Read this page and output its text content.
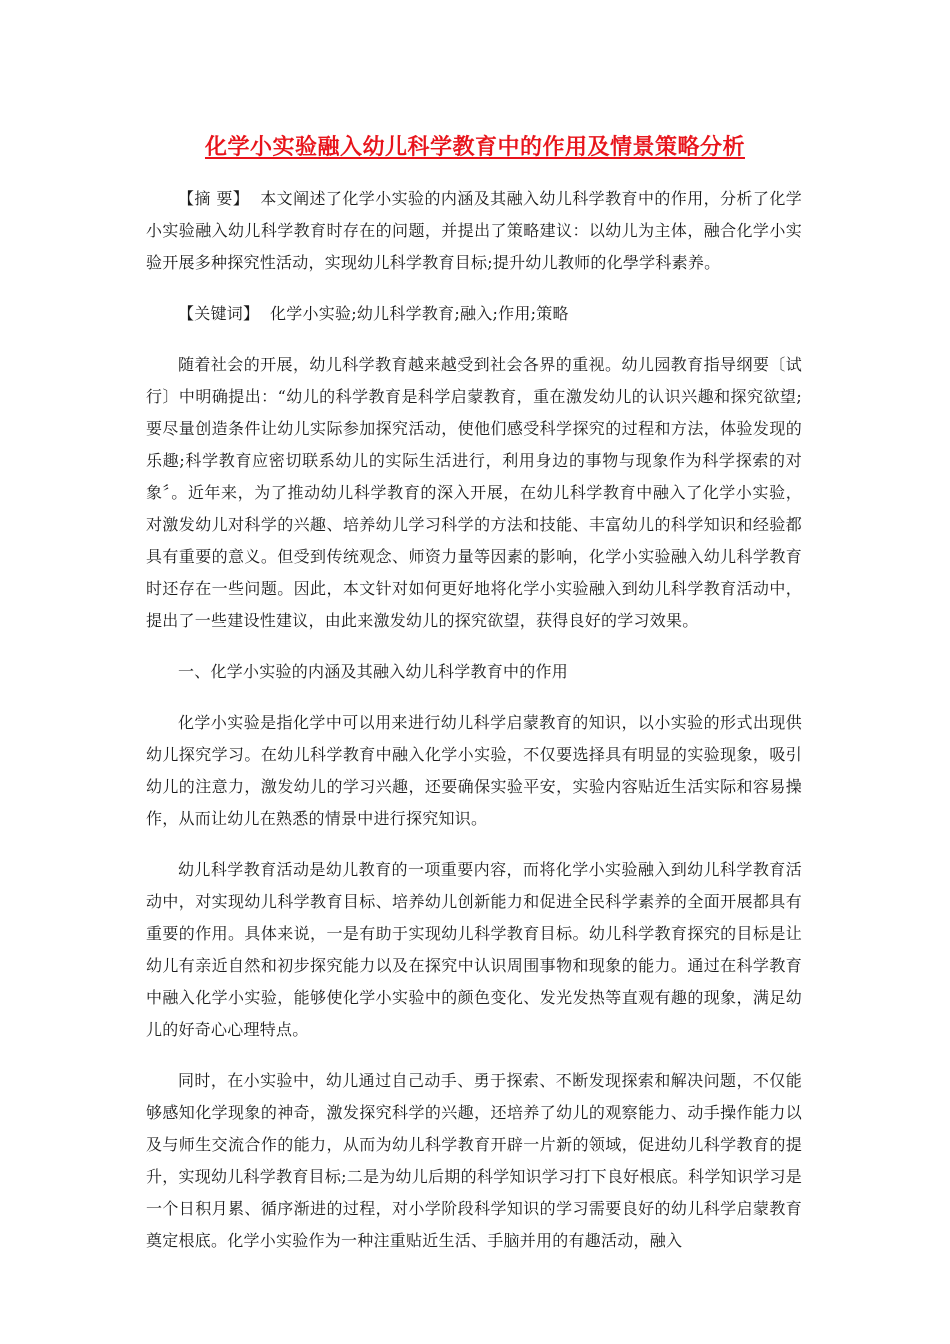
化学小实验融入幼儿科学教育中的作用及情景策略分析

【摘 要】 本文阐述了化学小实验的内涵及其融入幼儿科学教育中的作用，分析了化学小实验融入幼儿科学教育时存在的问题，并提出了策略建议：以幼儿为主体，融合化学小实验开展多种探究性活动，实现幼儿科学教育目标;提升幼儿教师的化學学科素养。

【关键词】 化学小实验;幼儿科学教育;融入;作用;策略

随着社会的开展，幼儿科学教育越来越受到社会各界的重视。幼儿园教育指导纲要〔试行〕中明确提出：“幼儿的科学教育是科学启蒙教育，重在激发幼儿的认识兴趣和探究欲望;要尽量创造条件让幼儿实际参加探究活动，使他们感受科学探究的过程和方法，体验发现的乐趣;科学教育应密切联系幼儿的实际生活进行，利用身边的事物与现象作为科学探索的对象〞。近年来，为了推动幼儿科学教育的深入开展，在幼儿科学教育中融入了化学小实验，对激发幼儿对科学的兴趣、培养幼儿学习科学的方法和技能、丰富幼儿的科学知识和经验都具有重要的意义。但受到传统观念、师资力量等因素的影响，化学小实验融入幼儿科学教育时还存在一些问题。因此，本文针对如何更好地将化学小实验融入到幼儿科学教育活动中，提出了一些建设性建议，由此来激发幼儿的探究欲望，获得良好的学习效果。

一、化学小实验的内涵及其融入幼儿科学教育中的作用

化学小实验是指化学中可以用来进行幼儿科学启蒙教育的知识，以小实验的形式出现供幼儿探究学习。在幼儿科学教育中融入化学小实验，不仅要选择具有明显的实验现象，吸引幼儿的注意力，激发幼儿的学习兴趣，还要确保实验平安，实验内容贴近生活实际和容易操作，从而让幼儿在熟悉的情景中进行探究知识。

幼儿科学教育活动是幼儿教育的一项重要内容，而将化学小实验融入到幼儿科学教育活动中，对实现幼儿科学教育目标、培养幼儿创新能力和促进全民科学素养的全面开展都具有重要的作用。具体来说，一是有助于实现幼儿科学教育目标。幼儿科学教育探究的目标是让幼儿有亲近自然和初步探究能力以及在探究中认识周围事物和现象的能力。通过在科学教育中融入化学小实验，能够使化学小实验中的颜色变化、发光发热等直观有趣的现象，满足幼儿的好奇心心理特点。

同时，在小实验中，幼儿通过自己动手、勇于探索、不断发现探索和解决问题，不仅能够感知化学现象的神奇，激发探究科学的兴趣，还培养了幼儿的观察能力、动手操作能力以及与师生交流合作的能力，从而为幼儿科学教育开辟一片新的领域，促进幼儿科学教育的提升，实现幼儿科学教育目标;二是为幼儿后期的科学知识学习打下良好根底。科学知识学习是一个日积月累、循序渐进的过程，对小学阶段科学知识的学习需要良好的幼儿科学启蒙教育奠定根底。化学小实验作为一种注重贴近生活、手脑并用的有趣活动，融入
